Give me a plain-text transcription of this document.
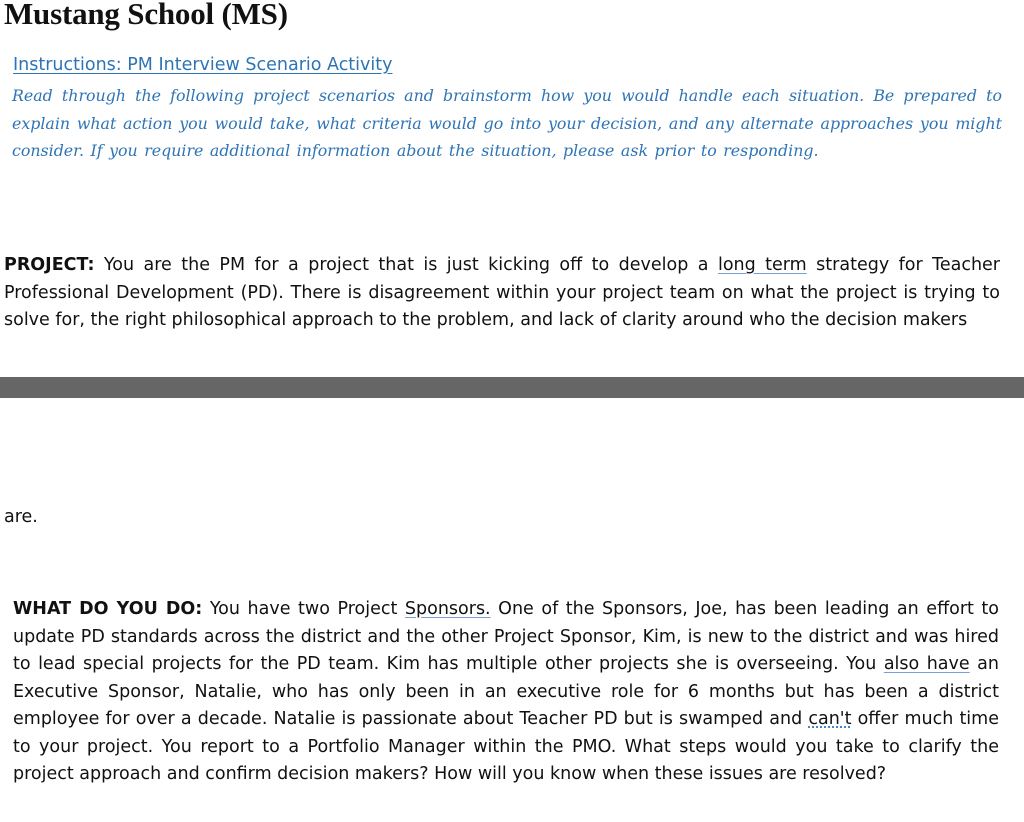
Mustang School (MS)
Instructions: PM Interview Scenario Activity

Read through the following project scenarios and brainstorm how you would handle each situation. Be prepared to explain what action you would take, what criteria would go into your decision, and any alternate approaches you might consider. If you require additional information about the situation, please ask prior to responding.

PROJECT: You are the PM for a project that is just kicking off to develop a long term strategy for Teacher Professional Development (PD). There is disagreement within your project team on what the project is trying to solve for, the right philosophical approach to the problem, and lack of clarity around who the decision makers

are.

WHAT DO YOU DO: You have two Project Sponsors. One of the Sponsors, Joe, has been leading an effort to update PD standards across the district and the other Project Sponsor, Kim, is new to the district and was hired to lead special projects for the PD team. Kim has multiple other projects she is overseeing. You also have an Executive Sponsor, Natalie, who has only been in an executive role for 6 months but has been a district employee for over a decade. Natalie is passionate about Teacher PD but is swamped and can't offer much time to your project. You report to a Portfolio Manager within the PMO. What steps would you take to clarify the project approach and confirm decision makers? How will you know when these issues are resolved?
